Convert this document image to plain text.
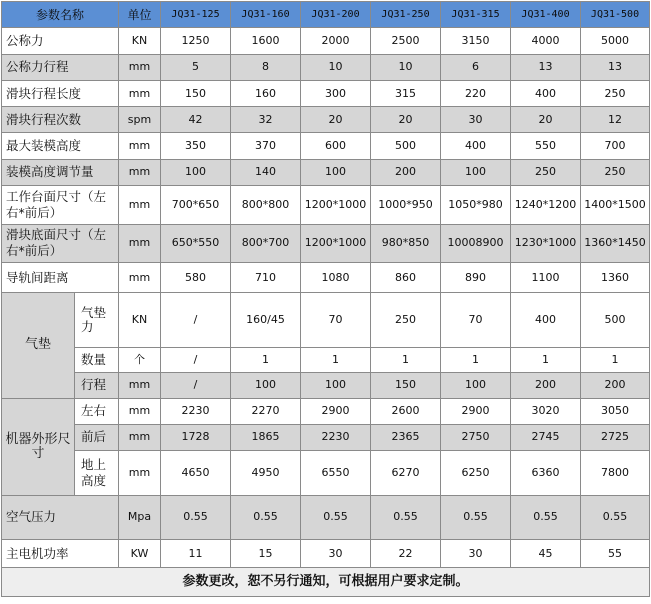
参数名称		单位	JQ31-125	JQ31-160	JQ31-200	JQ31-250	JQ31-315	JQ31-400	JQ31-500
公称力		KN	1250	1600	2000	2500	3150	4000	5000
公称力行程		mm	5	8	10	10	6	13	13
滑块行程长度		mm	150	160	300	315	220	400	250
滑块行程次数		spm	42	32	20	20	30	20	12
最大装模高度		mm	350	370	600	500	400	550	700
装模高度调节量		mm	100	140	100	200	100	250	250
工作台面尺寸（左右*前后）		mm	700*650	800*800	1200*1000	1000*950	1050*980	1240*1200	1400*1500
滑块底面尺寸（左右*前后）		mm	650*550	800*700	1200*1000	980*850	10008900	1230*1000	1360*1450
导轨间距离		mm	580	710	1080	860	890	1100	1360
气垫	气垫力	KN	/	160/45	70	250	70	400	500
	数量	个	/	1	1	1	1	1	1
	行程	mm	/	100	100	150	100	200	200
机器外形尺寸	左右	mm	2230	2270	2900	2600	2900	3020	3050
	前后	mm	1728	1865	2230	2365	2750	2745	2725
	地上高度	mm	4650	4950	6550	6270	6250	6360	7800
空气压力		Mpa	0.55	0.55	0.55	0.55	0.55	0.55	0.55
主电机功率		KW	11	15	30	22	30	45	55
参数更改，恕不另行通知，可根据用户要求定制。									
